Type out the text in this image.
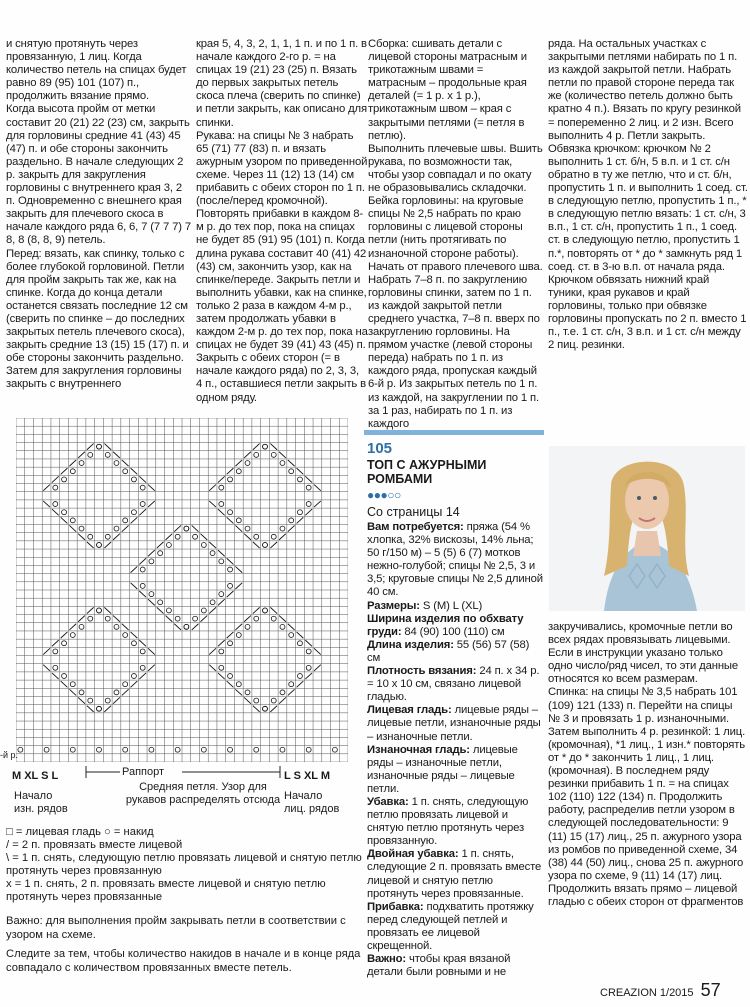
и снятую протянуть через провязанную, 1 лиц. Когда количество петель на спицах будет равно 89 (95) 101 (107) п., продолжить вязание прямо.

Когда высота пройм от метки составит 20 (21) 22 (23) см, закрыть для горловины средние 41 (43) 45 (47) п. и обе стороны закончить раздельно. В начале следующих 2 р. закрыть для закругления горловины с внутреннего края 3, 2 п. Одновременно с внешнего края закрыть для плечевого скоса в начале каждого ряда 6, 6, 7 (7 7 7) 7 8, 8 (8, 8, 9) петель.

Перед: вязать, как спинку, только с более глубокой горловиной. Петли для пройм закрыть так же, как на спинке. Когда до конца детали останется связать последние 12 см (сверить по спинке – до последних закрытых петель плечевого скоса), закрыть средние 13 (15) 15 (17) п. и обе стороны закончить раздельно. Затем для закругления горловины закрыть с внутреннего

края 5, 4, 3, 2, 1, 1, 1 п. и по 1 п. в начале каждого 2-го р. = на спицах 19 (21) 23 (25) п. Вязать до первых закрытых петель скоса плеча (сверить по спинке) и петли закрыть, как описано для спинки.

Рукава: на спицы № 3 набрать 65 (71) 77 (83) п. и вязать ажурным узором по приведенной схеме. Через 11 (12) 13 (14) см прибавить с обеих сторон по 1 п. (после/перед кромочной). Повторять прибавки в каждом 8-м р. до тех пор, пока на спицах не будет 85 (91) 95 (101) п. Когда длина рукава составит 40 (41) 42 (43) см, закончить узор, как на спинке/переде. Закрыть петли и выполнить убавки, как на спинке, только 2 раза в каждом 4-м р., затем продолжать убавки в каждом 2-м р. до тех пор, пока на спицах не будет 39 (41) 43 (45) п. Закрыть с обеих сторон (= в начале каждого ряда) по 2, 3, 3, 4 п., оставшиеся петли закрыть в одном ряду.

Сборка: сшивать детали с лицевой стороны матрасным и трикотажным швами = матрасным – продольные края деталей (= 1 р. х 1 р.), трикотажным швом – края с закрытыми петлями (= петля в петлю).

Выполнить плечевые швы. Вшить рукава, по возможности так, чтобы узор совпадал и по окату не образовывались складочки.

Бейка горловины: на круговые спицы № 2,5 набрать по краю горловины с лицевой стороны петли (нить протягивать по изнаночной стороне работы). Начать от правого плечевого шва. Набрать 7–8 п. по закруглению горловины спинки, затем по 1 п. из каждой закрытой петли среднего участка, 7–8 п. вверх по закруглению горловины. На прямом участке (левой стороны переда) набрать по 1 п. из каждого ряда, пропуская каждый 6-й р. Из закрытых петель по 1 п. из каждой, на закруглении по 1 п. за 1 раз, набирать по 1 п. из каждого

ряда. На остальных участках с закрытыми петлями набирать по 1 п. из каждой закрытой петли. Набрать петли по правой стороне переда так же (количество петель должно быть кратно 4 п.). Вязать по кругу резинкой = попеременно 2 лиц. и 2 изн. Всего выполнить 4 р. Петли закрыть.

Обвязка крючком: крючком № 2 выполнить 1 ст. б/н, 5 в.п. и 1 ст. с/н обратно в ту же петлю, что и ст. б/н, пропустить 1 п. и выполнить 1 соед. ст. в следующую петлю, пропустить 1 п., * в следующую петлю вязать: 1 ст. с/н, 3 в.п., 1 ст. с/н, пропустить 1 п., 1 соед. ст. в следующую петлю, пропустить 1 п.*, повторять от * до * замкнуть ряд 1 соед. ст. в 3-ю в.п. от начала ряда. Крючком обвязать нижний край туники, края рукавов и край горловины, только при обвязке горловины пропускать по 2 п. вместо 1 п., т.е. 1 ст. с/н, 3 в.п. и 1 ст. с/н между 2 пиц. резинки.

105
ТОП С АЖУРНЫМИ РОМБАМИ
●●●○○
Со страницы 14

Вам потребуется: пряжа (54 % хлопка, 32% вискозы, 14% льна; 50 г/150 м) – 5 (5) 6 (7) мотков нежно-голубой; спицы № 2,5, 3 и 3,5; круговые спицы № 2,5 длиной 40 см.

Размеры: S (M) L (XL)

Ширина изделия по обхвату груди: 84 (90) 100 (110) см

Длина изделия: 55 (56) 57 (58) см

Плотность вязания: 24 п. х 34 р. = 10 х 10 см, связано лицевой гладью.

Лицевая гладь: лицевые ряды – лицевые петли, изнаночные ряды – изнаночные петли.

Изнаночная гладь: лицевые ряды – изнаночные петли, изнаночные ряды – лицевые петли.

Убавка: 1 п. снять, следующую петлю провязать лицевой и снятую петлю протянуть через провязанную.

Двойная убавка: 1 п. снять, следующие 2 п. провязать вместе лицевой и снятую петлю протянуть через провязанные.

Прибавка: подхватить протяжку перед следующей петлей и провязать ее лицевой скрещенной.

Важно: чтобы края вязаной детали были ровными и не

закручивались, кромочные петли во всех рядах провязывать лицевыми.

Если в инструкции указано только одно число/ряд чисел, то эти данные относятся ко всем размерам.

Спинка: на спицы № 3,5 набрать 101 (109) 121 (133) п. Перейти на спицы № 3 и провязать 1 р. изнаночными. Затем выполнить 4 р. резинкой: 1 лиц. (кромочная), *1 лиц., 1 изн.* повторять от * до * закончить 1 лиц., 1 лиц. (кромочная). В последнем ряду резинки прибавить 1 п. = на спицах 102 (110) 122 (134) п. Продолжить работу, распределив петли узором в следующей последовательности: 9 (11) 15 (17) лиц., 25 п. ажурного узора из ромбов по приведенной схеме, 34 (38) 44 (50) лиц., снова 25 п. ажурного узора по схеме, 9 (11) 14 (17) лиц. Продолжить вязать прямо – лицевой гладью с обеих сторон от фрагментов

-й р.
M XL S L	L S XL M
Раппорт
Средняя петля. Узор для рукавов распределять отсюда
Начало изн. рядов
Начало лиц. рядов
□ = лицевая гладь ○ = накид
/ = 2 п. провязать вместе лицевой
\ = 1 п. снять, следующую петлю провязать лицевой и снятую петлю протянуть через провязанную
x = 1 п. снять, 2 п. провязать вместе лицевой и снятую петлю протянуть через провязанные
Важно: для выполнения пройм закрывать петли в соответствии с узором на схеме.
Следите за тем, чтобы количество накидов в начале и в конце ряда совпадало с количеством провязанных вместе петель.
CREAZION 1/2015 57
